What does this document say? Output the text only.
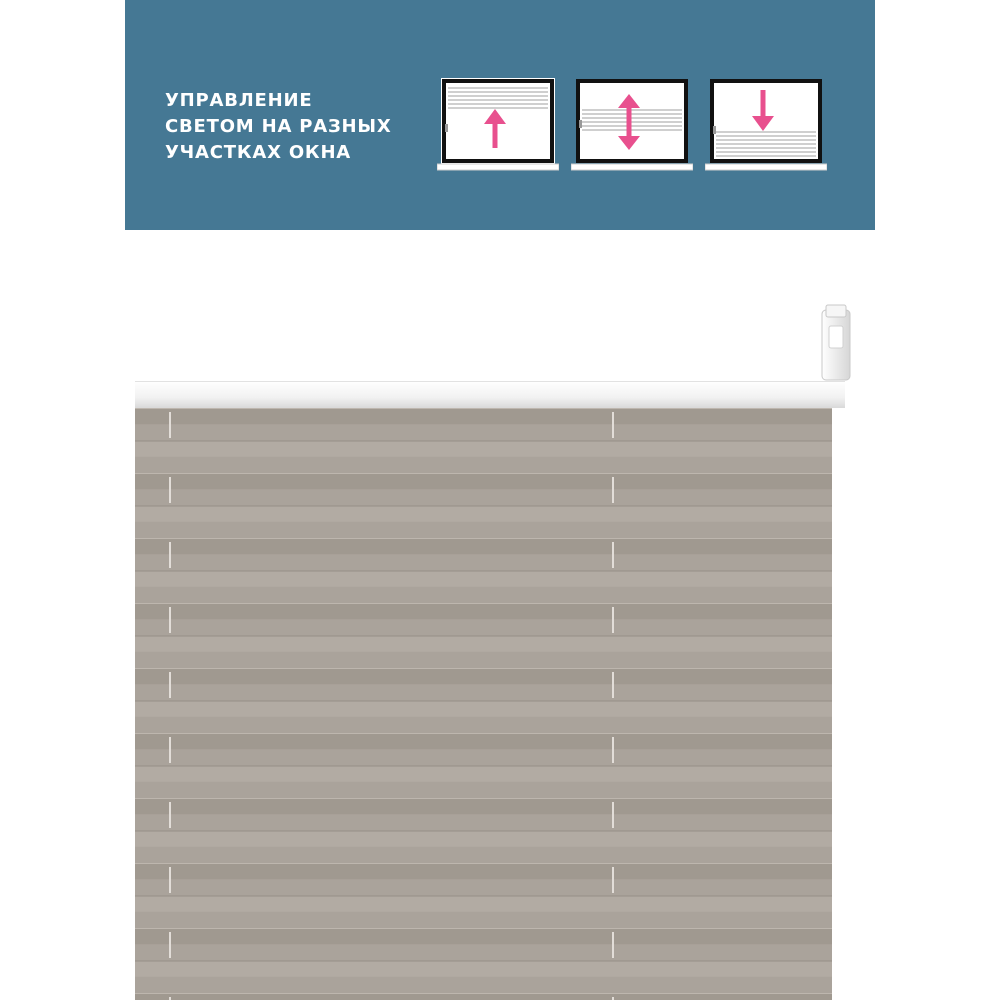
УПРАВЛЕНИЕ
СВЕТОМ НА РАЗНЫХ
УЧАСТКАХ ОКНА
